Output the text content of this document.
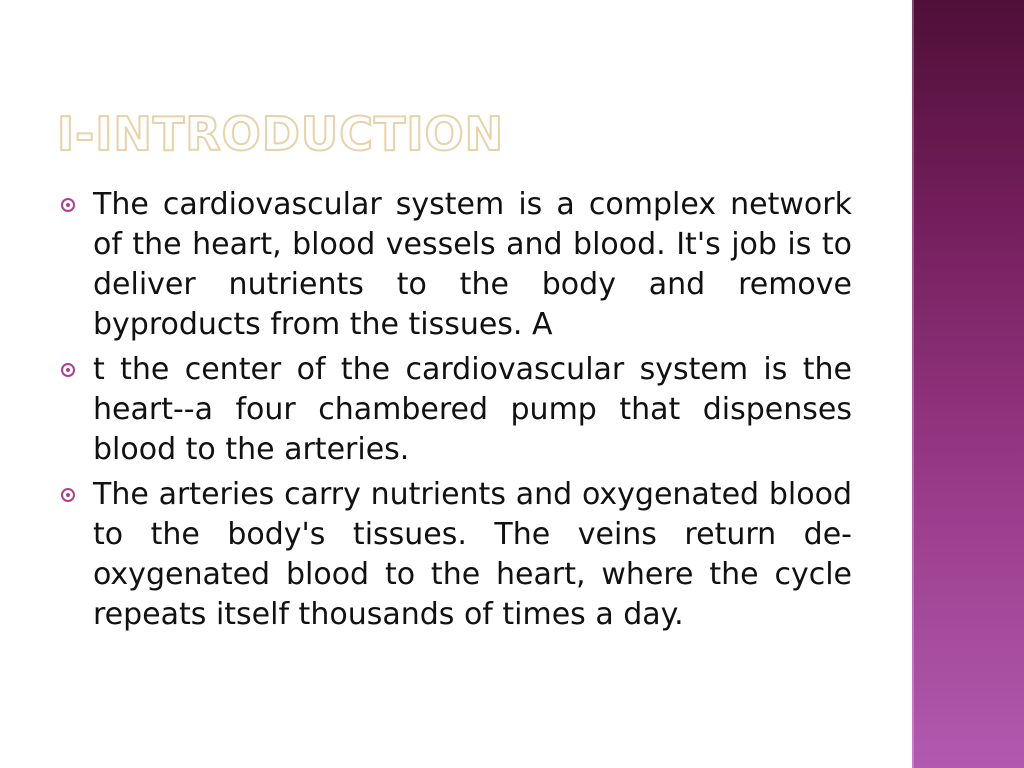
I-INTRODUCTION
The cardiovascular system is a complex network of the heart, blood vessels and blood. It's job is to deliver nutrients to the body and remove byproducts from the tissues. A
t the center of the cardiovascular system is the heart--a four chambered pump that dispenses blood to the arteries.
The arteries carry nutrients and oxygenated blood to the body's tissues. The veins return de-oxygenated blood to the heart, where the cycle repeats itself thousands of times a day.
